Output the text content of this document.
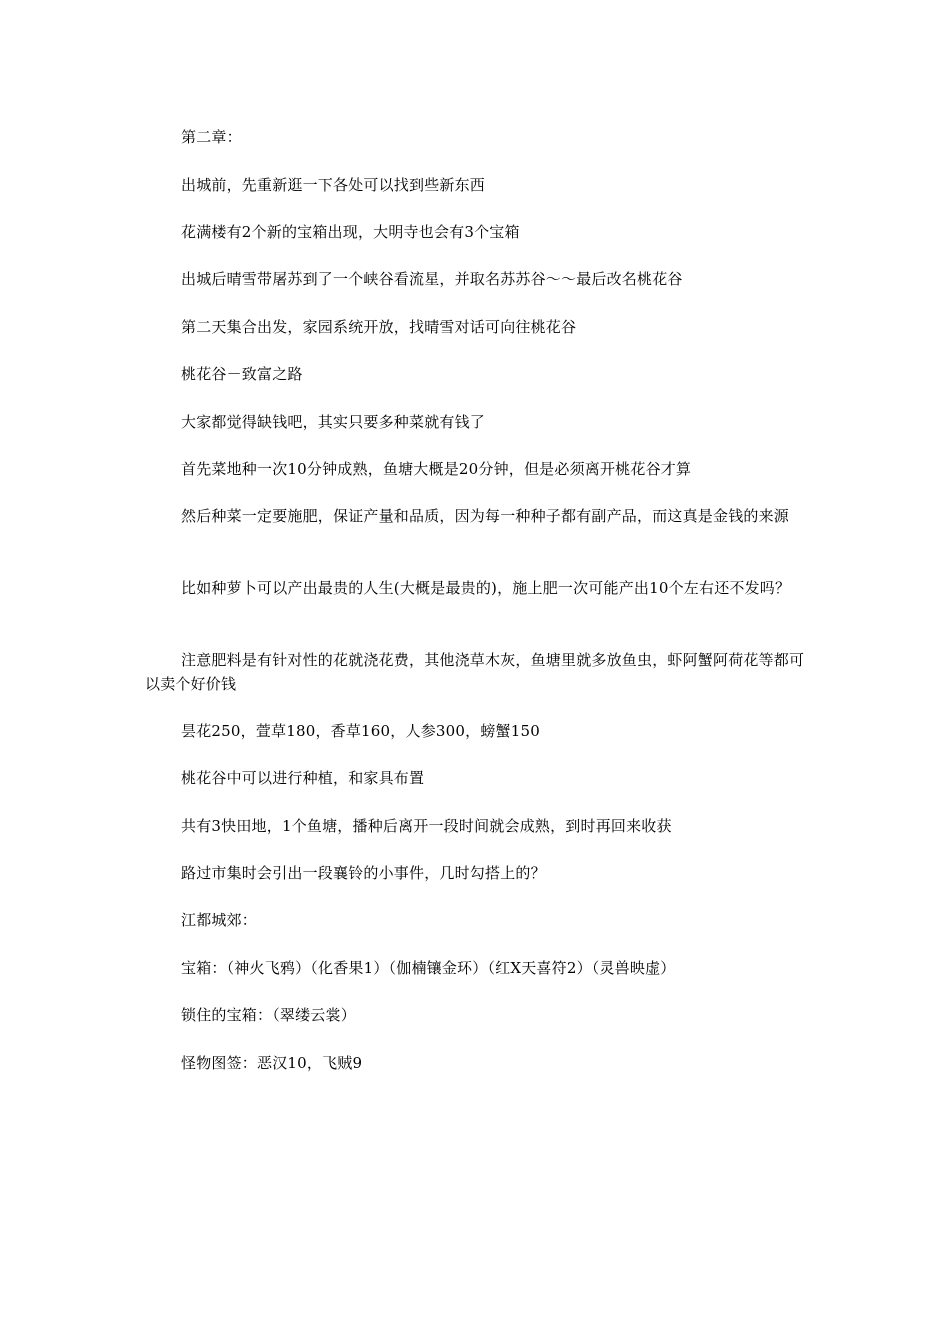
第二章：

出城前，先重新逛一下各处可以找到些新东西

花满楼有2个新的宝箱出现，大明寺也会有3个宝箱

出城后晴雪带屠苏到了一个峡谷看流星，并取名苏苏谷～～最后改名桃花谷

第二天集合出发，家园系统开放，找晴雪对话可向往桃花谷

桃花谷－致富之路

大家都觉得缺钱吧，其实只要多种菜就有钱了

首先菜地种一次10分钟成熟，鱼塘大概是20分钟，但是必须离开桃花谷才算

然后种菜一定要施肥，保证产量和品质，因为每一种种子都有副产品，而这真是金钱的来源

比如种萝卜可以产出最贵的人生(大概是最贵的)，施上肥一次可能产出10个左右还不发吗？

注意肥料是有针对性的花就浇花费，其他浇草木灰，鱼塘里就多放鱼虫，虾阿蟹阿荷花等都可以卖个好价钱

昙花250，萱草180，香草160，人参300，螃蟹150

桃花谷中可以进行种植，和家具布置

共有3快田地，1个鱼塘，播种后离开一段时间就会成熟，到时再回来收获

路过市集时会引出一段襄铃的小事件，几时勾搭上的？

江都城郊：

宝箱：（神火飞鸦）（化香果1）（伽楠镶金环）（红X天喜符2）（灵兽映虚）

锁住的宝箱：（翠缕云裳）

怪物图签：恶汉10，飞贼9
